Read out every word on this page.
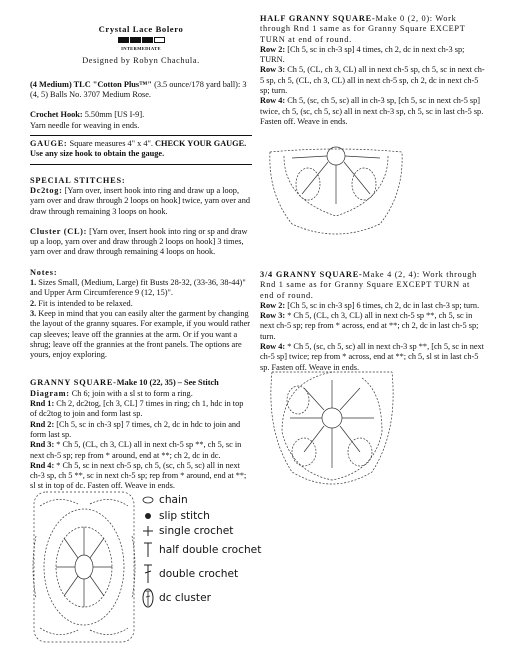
Crystal Lace Bolero
INTERMEDIATE
Designed by Robyn Chachula.

(4 Medium) TLC "Cotton Plus™" (3.5 ounce/178 yard ball): 3 (4, 5) Balls No. 3707 Medium Rose.

Crochet Hook: 5.50mm [US I-9].

Yarn needle for weaving in ends.

GAUGE: Square measures 4" x 4". CHECK YOUR GAUGE.

Use any size hook to obtain the gauge.

SPECIAL STITCHES:

Dc2tog: [Yarn over, insert hook into ring and draw up a loop, yarn over and draw through 2 loops on hook] twice, yarn over and draw through remaining 3 loops on hook.

Cluster (CL): [Yarn over, Insert hook into ring or sp and draw up a loop, yarn over and draw through 2 loops on hook] 3 times, yarn over and draw through remaining 4 loops on hook.

Notes:

1. Sizes Small, (Medium, Large) fit Busts 28-32, (33-36, 38-44)" and Upper Arm Circumference 9 (12, 15)".

2. Fit is intended to be relaxed.

3. Keep in mind that you can easily alter the garment by changing the layout of the granny squares. For example, if you would rather cap sleeves; leave off the grannies at the arm. Or if you want a shrug; leave off the grannies at the front panels. The options are yours, enjoy exploring.

GRANNY SQUARE-Make 10 (22, 35) – See Stitch

Diagram: Ch 6; join with a sl st to form a ring.

Rnd 1: Ch 2, dc2tog, [ch 3, CL] 7 times in ring; ch 1, hdc in top of dc2tog to join and form last sp.

Rnd 2: [Ch 5, sc in ch-3 sp] 7 times, ch 2, dc in hdc to join and form last sp.

Rnd 3: * Ch 5, (CL, ch 3, CL) all in next ch-5 sp **, ch 5, sc in next ch-5 sp; rep from * around, end at **; ch 2, dc in dc.

Rnd 4: * Ch 5, sc in next ch-5 sp, ch 5, (sc, ch 5, sc) all in next ch-3 sp, ch 5 **, sc in next ch-5 sp; rep from * around, end at **; sl st in top of dc. Fasten off. Weave in ends.

HALF GRANNY SQUARE-Make 0 (2, 0): Work through Rnd 1 same as for Granny Square EXCEPT TURN at end of round.

Row 2: [Ch 5, sc in ch-3 sp] 4 times, ch 2, dc in next ch-3 sp; TURN.

Row 3: Ch 5, (CL, ch 3, CL) all in next ch-5 sp, ch 5, sc in next ch-5 sp, ch 5, (CL, ch 3, CL) all in next ch-5 sp, ch 2, dc in next ch-5 sp; turn.

Row 4: Ch 5, (sc, ch 5, sc) all in ch-3 sp, [ch 5, sc in next ch-5 sp] twice, ch 5, (sc, ch 5, sc) all in next ch-3 sp, ch 5, sc in last ch-5 sp. Fasten off. Weave in ends.

3/4 GRANNY SQUARE-Make 4 (2, 4): Work through Rnd 1 same as for Granny Square EXCEPT TURN at end of round.

Row 2: [Ch 5, sc in ch-3 sp] 6 times, ch 2, dc in last ch-3 sp; turn.

Row 3: * Ch 5, (CL, ch 3, CL) all in next ch-5 sp **, ch 5, sc in next ch-5 sp; rep from * across, end at **; ch 2, dc in last ch-5 sp; turn.

Row 4: * Ch 5, (sc, ch 5, sc) all in next ch-3 sp **, [ch 5, sc in next ch-5 sp] twice; rep from * across, end at **; ch 5, sl st in last ch-5 sp. Fasten off. Weave in ends.

chain
slip stitch
single crochet
half double crochet
double crochet
dc cluster
